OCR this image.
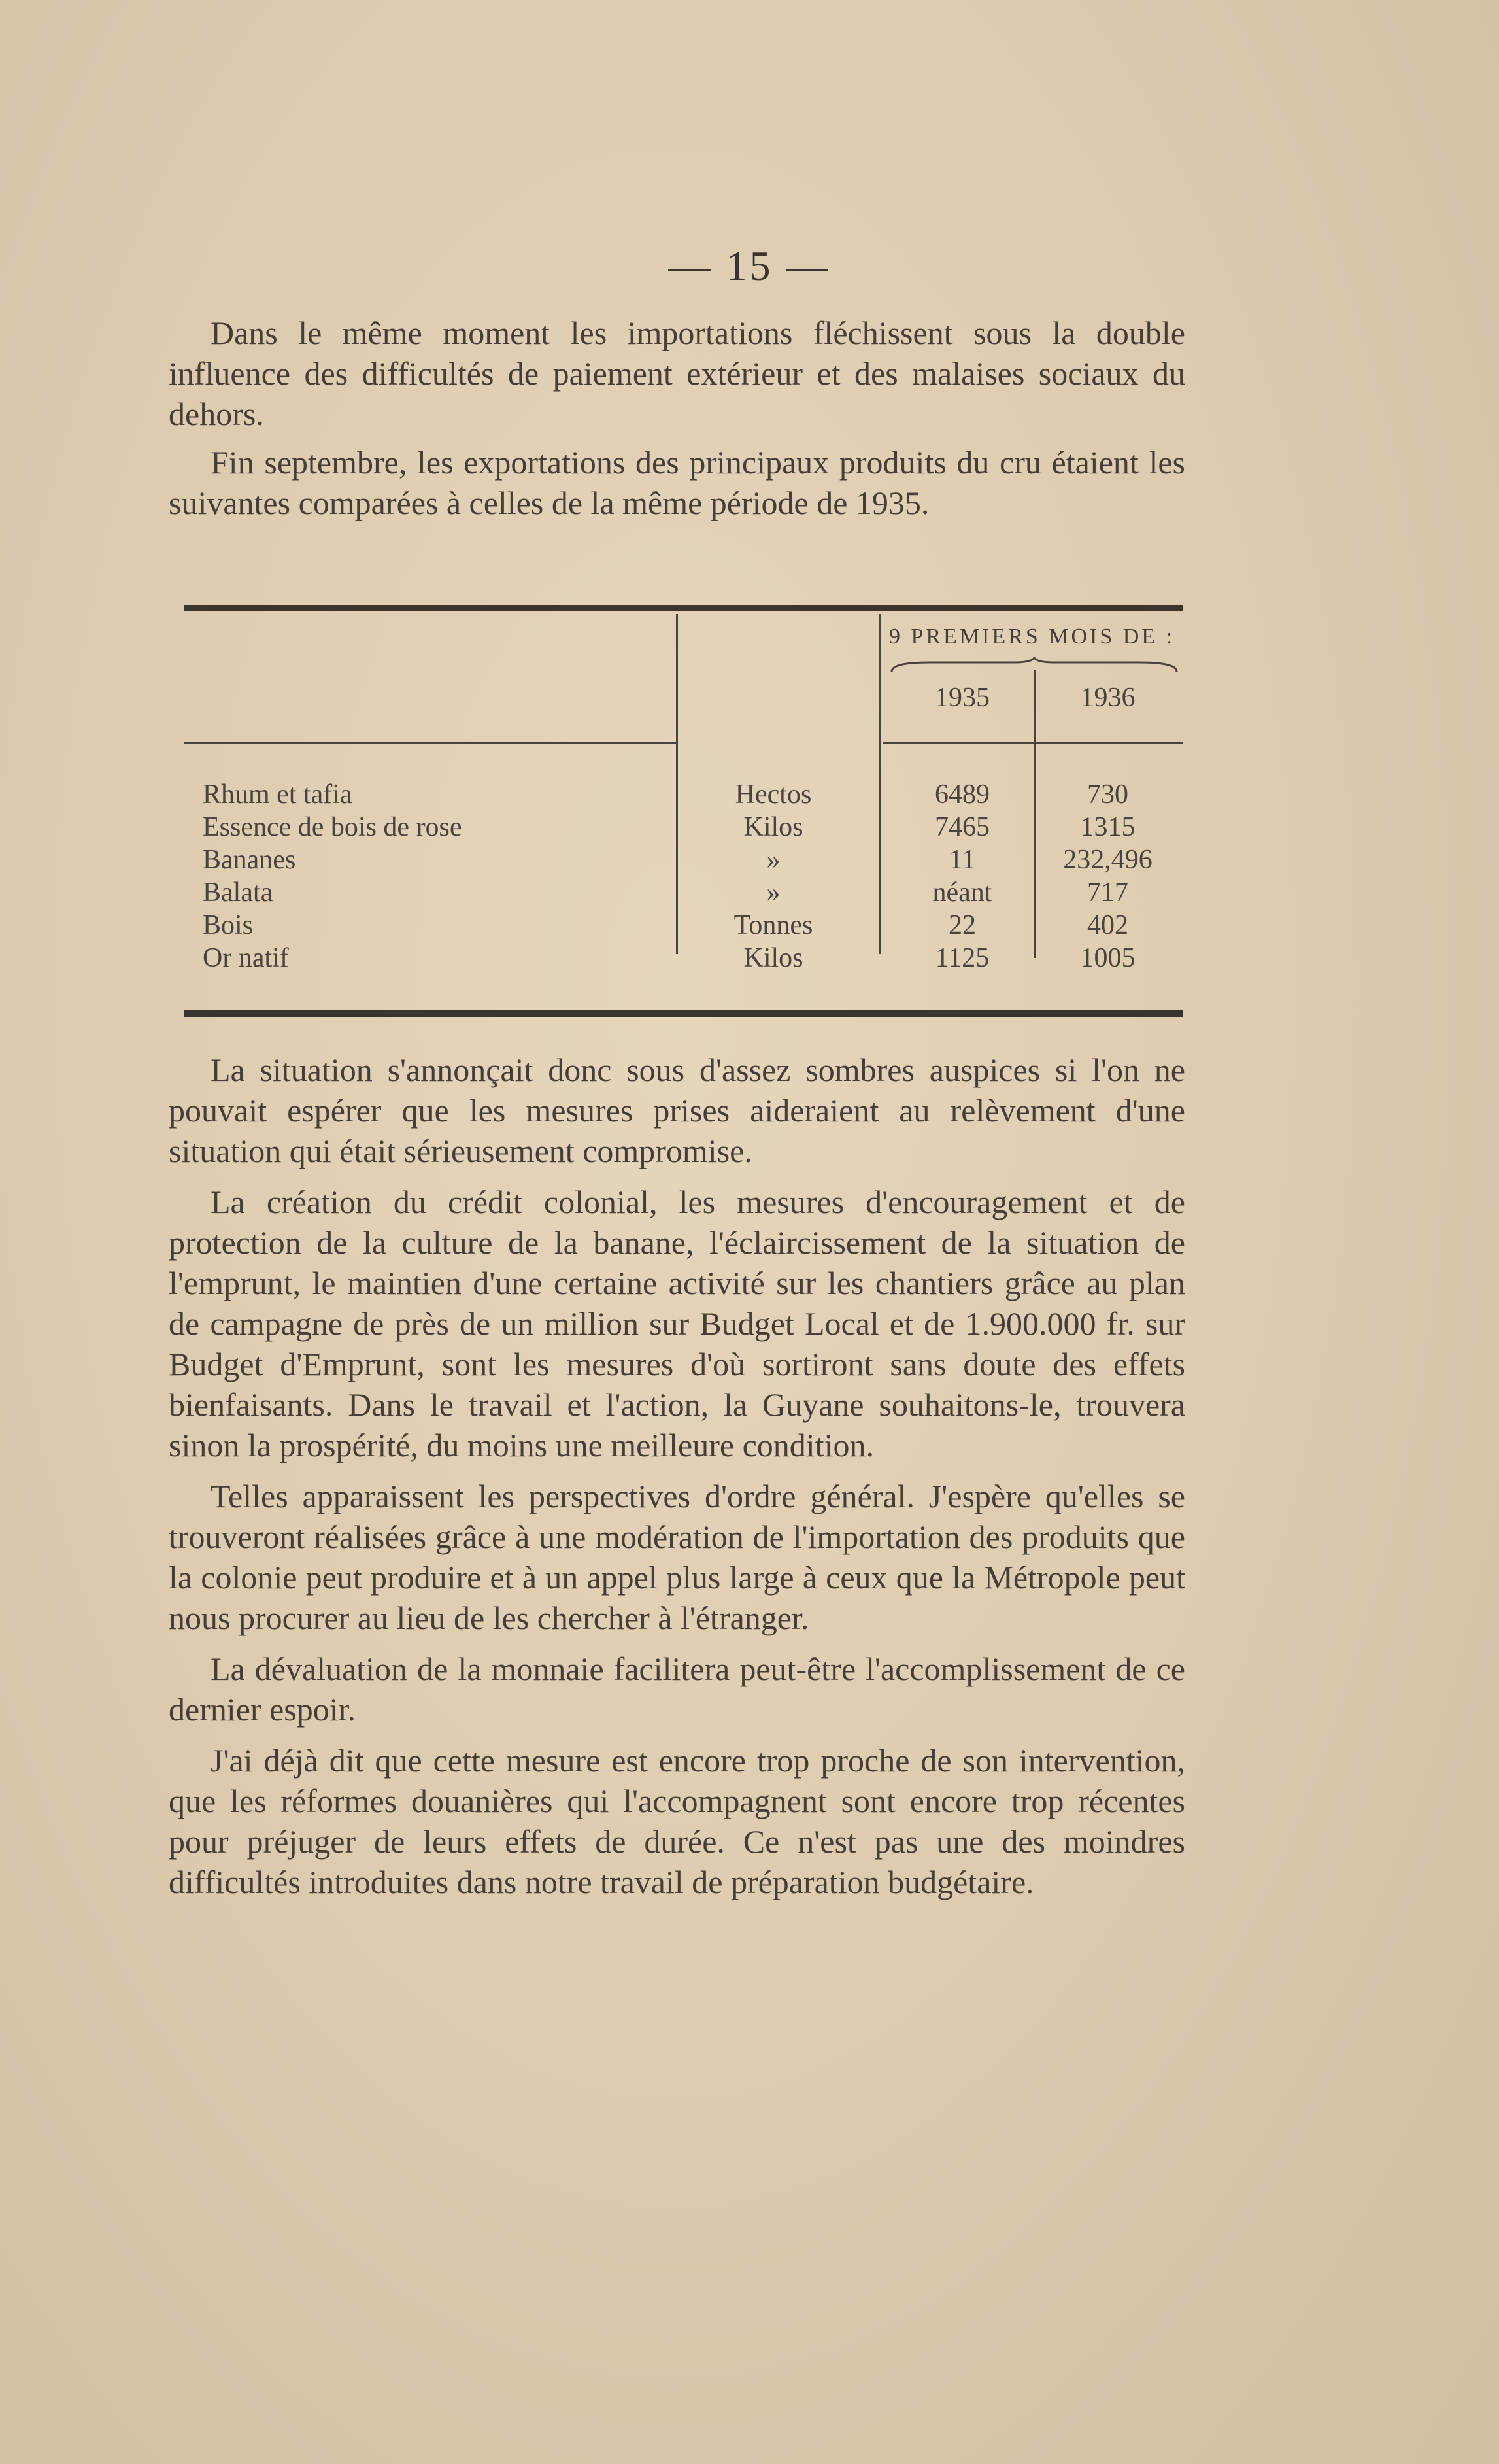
— 15 —

Dans le même moment les importations fléchissent sous la double influence des difficultés de paiement extérieur et des malaises sociaux du dehors.

Fin septembre, les exportations des principaux produits du cru étaient les suivantes comparées à celles de la même période de 1935.

9 PREMIERS MOIS DE :
1935	1936
Rhum et tafia	Hectos	6489	730
Essence de bois de rose	Kilos	7465	1315
Bananes	»	11	232,496
Balata	»	néant	717
Bois	Tonnes	22	402
Or natif	Kilos	1125	1005

La situation s'annonçait donc sous d'assez sombres auspices si l'on ne pouvait espérer que les mesures prises aideraient au relèvement d'une situation qui était sérieusement compromise.

La création du crédit colonial, les mesures d'encouragement et de protection de la culture de la banane, l'éclaircissement de la situation de l'emprunt, le maintien d'une certaine activité sur les chantiers grâce au plan de campagne de près de un million sur Budget Local et de 1.900.000 fr. sur Budget d'Emprunt, sont les mesures d'où sortiront sans doute des effets bienfaisants. Dans le travail et l'action, la Guyane souhaitons-le, trouvera sinon la prospérité, du moins une meilleure condition.

Telles apparaissent les perspectives d'ordre général. J'espère qu'elles se trouveront réalisées grâce à une modération de l'importation des produits que la colonie peut produire et à un appel plus large à ceux que la Métropole peut nous procurer au lieu de les chercher à l'étranger.

La dévaluation de la monnaie facilitera peut-être l'accomplissement de ce dernier espoir.

J'ai déjà dit que cette mesure est encore trop proche de son intervention, que les réformes douanières qui l'accompagnent sont encore trop récentes pour préjuger de leurs effets de durée. Ce n'est pas une des moindres difficultés introduites dans notre travail de préparation budgétaire.
